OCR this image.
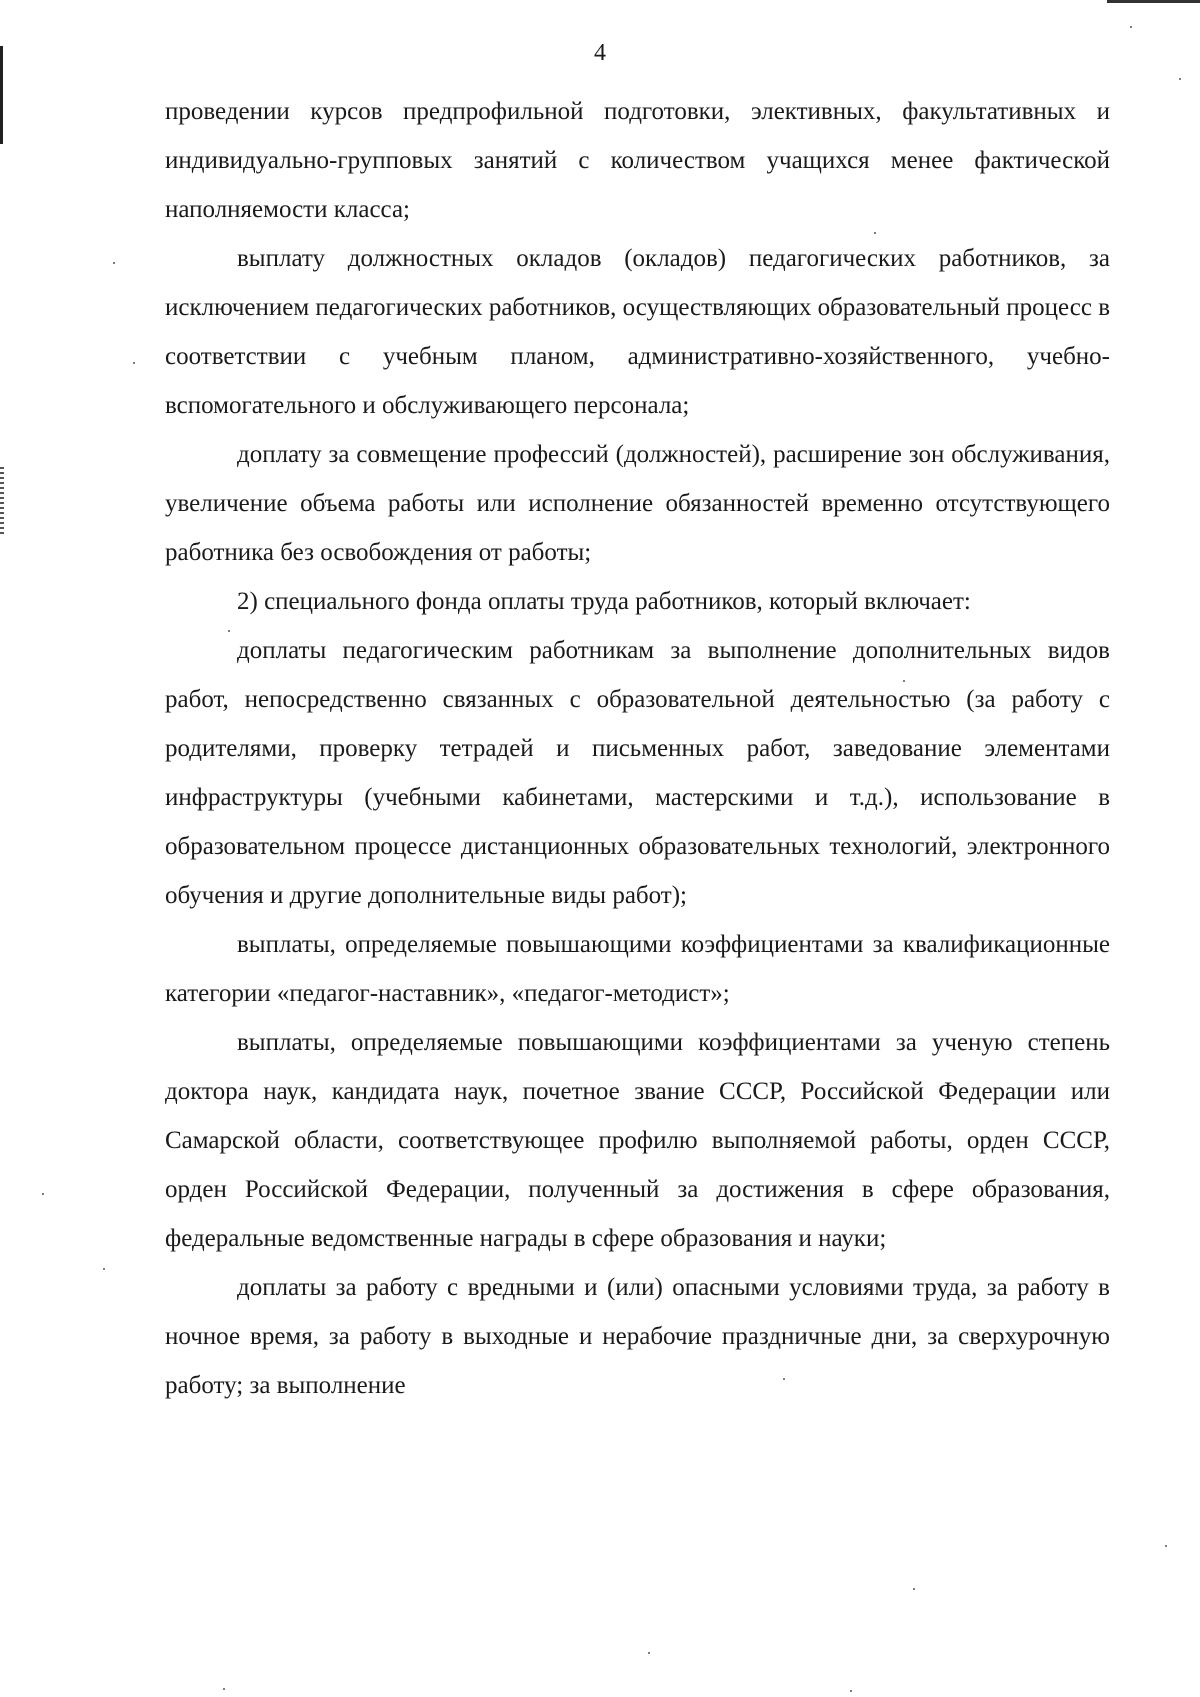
4

проведении курсов предпрофильной подготовки, элективных, факультативных и индивидуально-групповых занятий с количеством учащихся менее фактической наполняемости класса;

выплату должностных окладов (окладов) педагогических работников, за исключением педагогических работников, осуществляющих образовательный процесс в соответствии с учебным планом, административно-хозяйственного, учебно-вспомогательного и обслуживающего персонала;

доплату за совмещение профессий (должностей), расширение зон обслуживания, увеличение объема работы или исполнение обязанностей временно отсутствующего работника без освобождения от работы;

2) специального фонда оплаты труда работников, который включает:

доплаты педагогическим работникам за выполнение дополнительных видов работ, непосредственно связанных с образовательной деятельностью (за работу с родителями, проверку тетрадей и письменных работ, заведование элементами инфраструктуры (учебными кабинетами, мастерскими и т.д.), использование в образовательном процессе дистанционных образовательных технологий, электронного обучения и другие дополнительные виды работ);

выплаты, определяемые повышающими коэффициентами за квалификационные категории «педагог-наставник», «педагог-методист»;

выплаты, определяемые повышающими коэффициентами за ученую степень доктора наук, кандидата наук, почетное звание СССР, Российской Федерации или Самарской области, соответствующее профилю выполняемой работы, орден СССР, орден Российской Федерации, полученный за достижения в сфере образования, федеральные ведомственные награды в сфере образования и науки;

доплаты за работу с вредными и (или) опасными условиями труда, за работу в ночное время, за работу в выходные и нерабочие праздничные дни, за сверхурочную работу; за выполнение
